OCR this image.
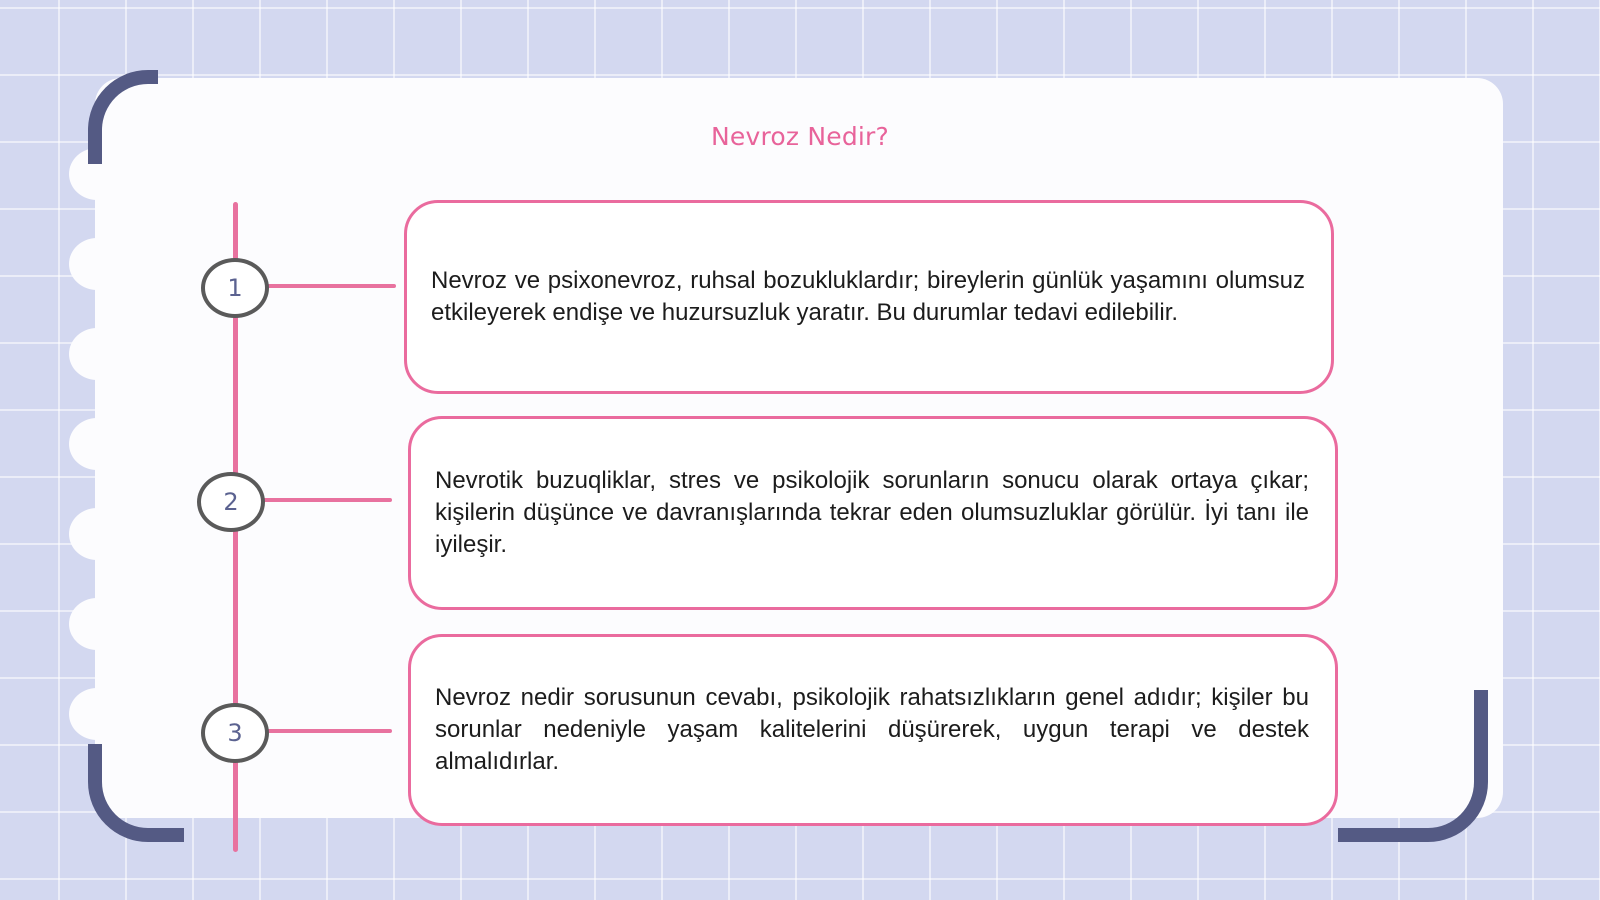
Nevroz Nedir?
1	Nevroz ve psixonevroz, ruhsal bozukluklardır; bireylerin günlük yaşamını olumsuz etkileyerek endişe ve huzursuzluk yaratır. Bu durumlar tedavi edilebilir.

2

Nevrotik buzuqliklar, stres ve psikolojik sorunların sonucu olarak ortaya çıkar; kişilerin düşünce ve davranışlarında tekrar eden olumsuzluklar görülür. İyi tanı ile iyileşir.

3

Nevroz nedir sorusunun cevabı, psikolojik rahatsızlıkların genel adıdır; kişiler bu sorunlar nedeniyle yaşam kalitelerini düşürerek, uygun terapi ve destek almalıdırlar.
